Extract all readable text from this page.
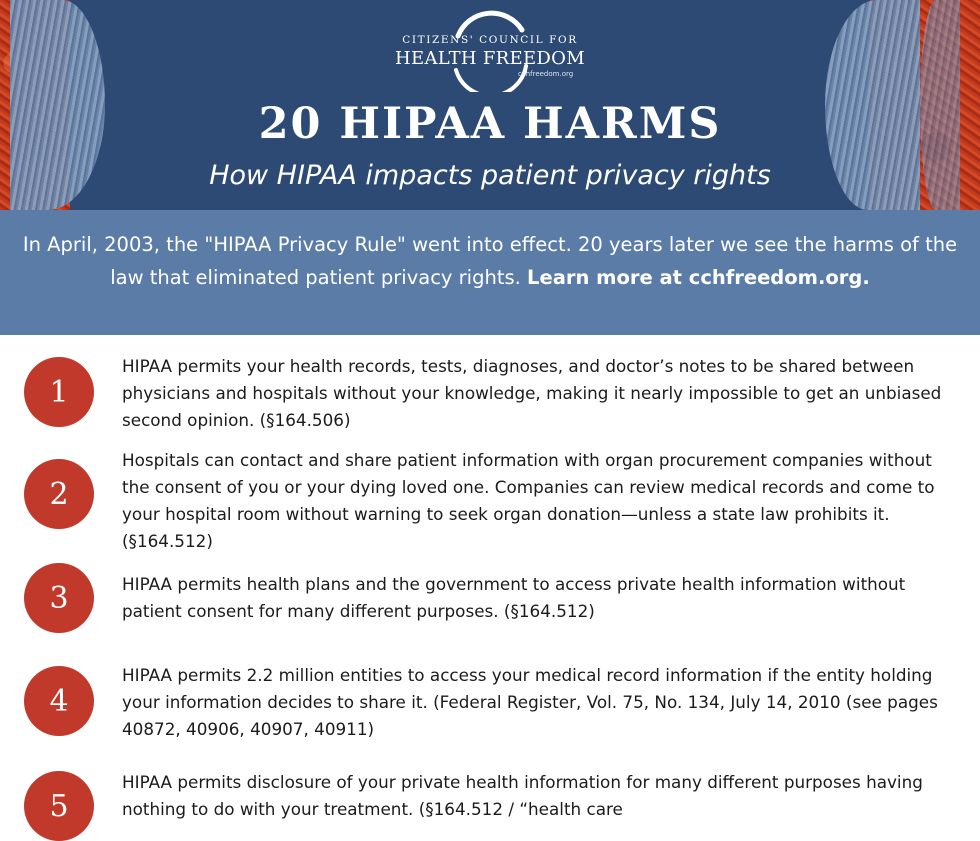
CITIZENS' COUNCIL FOR
HEALTH FREEDOM
cchfreedom.org
20 HIPAA HARMS

How HIPAA impacts patient privacy rights

In April, 2003, the "HIPAA Privacy Rule" went into effect. 20 years later we see the harms of the law that eliminated patient privacy rights. Learn more at cchfreedom.org.
1

HIPAA permits your health records, tests, diagnoses, and doctor’s notes to be shared between physicians and hospitals without your knowledge, making it nearly impossible to get an unbiased second opinion. (§164.506)

2

Hospitals can contact and share patient information with organ procurement companies without the consent of you or your dying loved one. Companies can review medical records and come to your hospital room without warning to seek organ donation—unless a state law prohibits it. (§164.512)

3	HIPAA permits health plans and the government to access private health information without patient consent for many different purposes. (§164.512)

4

HIPAA permits 2.2 million entities to access your medical record information if the entity holding your information decides to share it. (Federal Register, Vol. 75, No. 134, July 14, 2010 (see pages 40872, 40906, 40907, 40911)

5

HIPAA permits disclosure of your private health information for many different purposes having nothing to do with your treatment. (§164.512 / “health care
